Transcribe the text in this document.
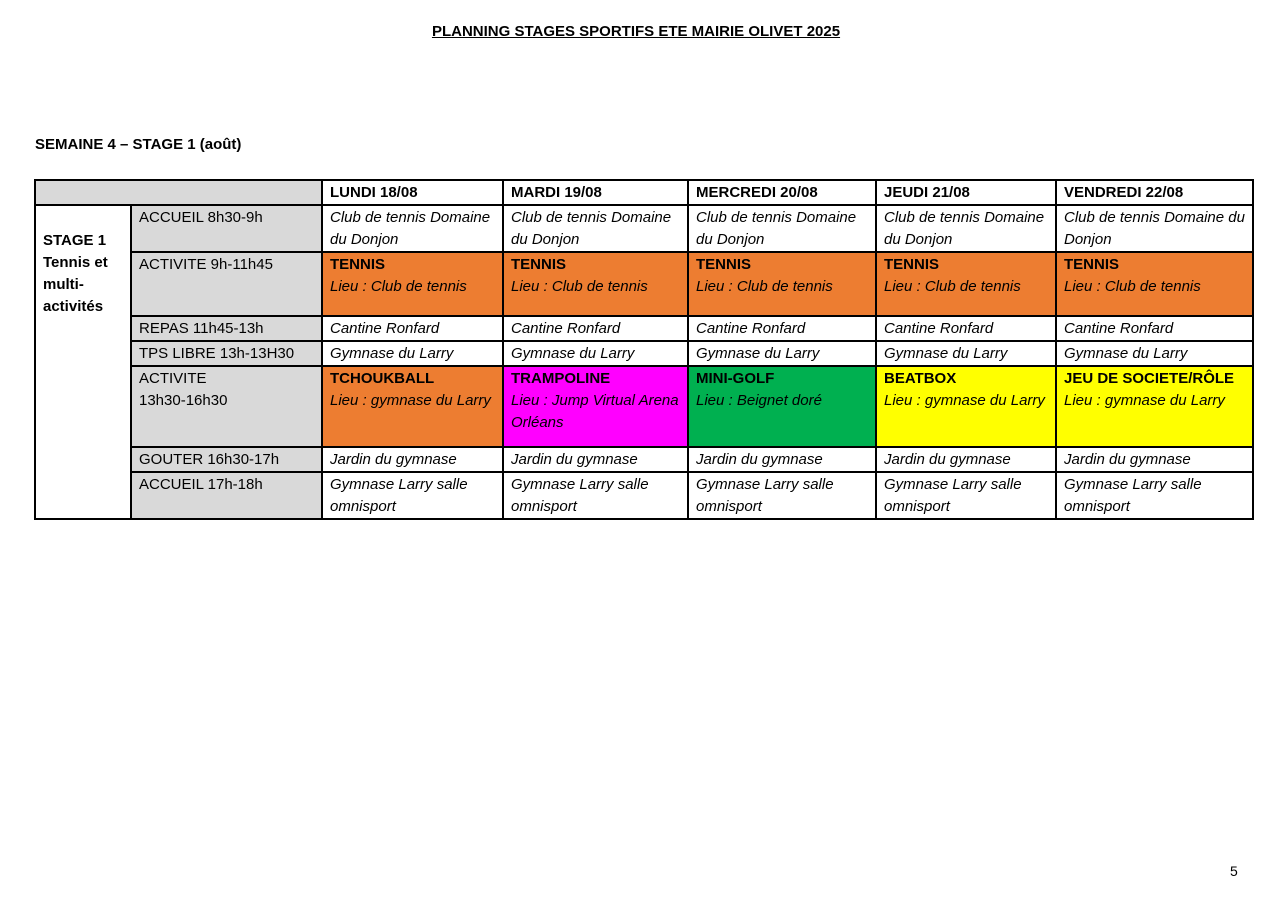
PLANNING STAGES SPORTIFS ETE MAIRIE OLIVET 2025
SEMAINE 4 – STAGE 1 (août)
		LUNDI 18/08	MARDI 19/08	MERCREDI 20/08	JEUDI 21/08	VENDREDI 22/08

STAGE 1
Tennis et
multi-
activités	ACCUEIL 8h30-9h	Club de tennis Domaine du Donjon	Club de tennis Domaine du Donjon	Club de tennis Domaine du Donjon	Club de tennis Domaine du Donjon	Club de tennis Domaine du Donjon
	ACTIVITE 9h-11h45	TENNIS
Lieu : Club de tennis	TENNIS
Lieu : Club de tennis	TENNIS
Lieu : Club de tennis	TENNIS
Lieu : Club de tennis	TENNIS
Lieu : Club de tennis

	REPAS 11h45-13h	Cantine Ronfard	Cantine Ronfard	Cantine Ronfard	Cantine Ronfard	Cantine Ronfard
	TPS LIBRE 13h-13H30	Gymnase du Larry	Gymnase du Larry	Gymnase du Larry	Gymnase du Larry	Gymnase du Larry

	ACTIVITE
13h30-16h30	TCHOUKBALL
Lieu : gymnase du Larry	TRAMPOLINE
Lieu : Jump Virtual Arena Orléans	MINI-GOLF
Lieu : Beignet doré	BEATBOX
Lieu : gymnase du Larry	JEU DE SOCIETE/RÔLE
Lieu : gymnase du Larry

	GOUTER 16h30-17h	Jardin du gymnase	Jardin du gymnase	Jardin du gymnase	Jardin du gymnase	Jardin du gymnase
	ACCUEIL 17h-18h	Gymnase Larry salle omnisport	Gymnase Larry salle omnisport	Gymnase Larry salle omnisport	Gymnase Larry salle omnisport	Gymnase Larry salle omnisport
5
